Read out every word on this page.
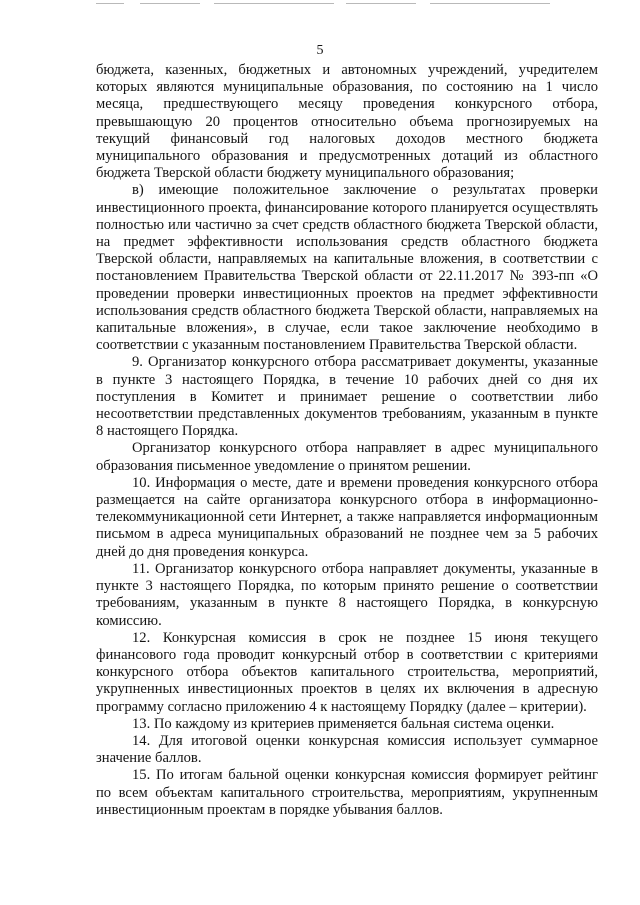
5

бюджета, казенных, бюджетных и автономных учреждений, учредителем которых являются муниципальные образования, по состоянию на 1 число месяца, предшествующего месяцу проведения конкурсного отбора, превышающую 20 процентов относительно объема прогнозируемых на текущий финансовый год налоговых доходов местного бюджета муниципального образования и предусмотренных дотаций из областного бюджета Тверской области бюджету муниципального образования;

в) имеющие положительное заключение о результатах проверки инвестиционного проекта, финансирование которого планируется осуществлять полностью или частично за счет средств областного бюджета Тверской области, на предмет эффективности использования средств областного бюджета Тверской области, направляемых на капитальные вложения, в соответствии с постановлением Правительства Тверской области от 22.11.2017 № 393-пп «О проведении проверки инвестиционных проектов на предмет эффективности использования средств областного бюджета Тверской области, направляемых на капитальные вложения», в случае, если такое заключение необходимо в соответствии с указанным постановлением Правительства Тверской области.

9. Организатор конкурсного отбора рассматривает документы, указанные в пункте 3 настоящего Порядка, в течение 10 рабочих дней со дня их поступления в Комитет и принимает решение о соответствии либо несоответствии представленных документов требованиям, указанным в пункте 8 настоящего Порядка.

Организатор конкурсного отбора направляет в адрес муниципального образования письменное уведомление о принятом решении.

10. Информация о месте, дате и времени проведения конкурсного отбора размещается на сайте организатора конкурсного отбора в информационно-телекоммуникационной сети Интернет, а также направляется информационным письмом в адреса муниципальных образований не позднее чем за 5 рабочих дней до дня проведения конкурса.

11. Организатор конкурсного отбора направляет документы, указанные в пункте 3 настоящего Порядка, по которым принято решение о соответствии требованиям, указанным в пункте 8 настоящего Порядка, в конкурсную комиссию.

12. Конкурсная комиссия в срок не позднее 15 июня текущего финансового года проводит конкурсный отбор в соответствии с критериями конкурсного отбора объектов капитального строительства, мероприятий, укрупненных инвестиционных проектов в целях их включения в адресную программу согласно приложению 4 к настоящему Порядку (далее – критерии).

13. По каждому из критериев применяется бальная система оценки.

14. Для итоговой оценки конкурсная комиссия использует суммарное значение баллов.

15. По итогам бальной оценки конкурсная комиссия формирует рейтинг по всем объектам капитального строительства, мероприятиям, укрупненным инвестиционным проектам в порядке убывания баллов.
